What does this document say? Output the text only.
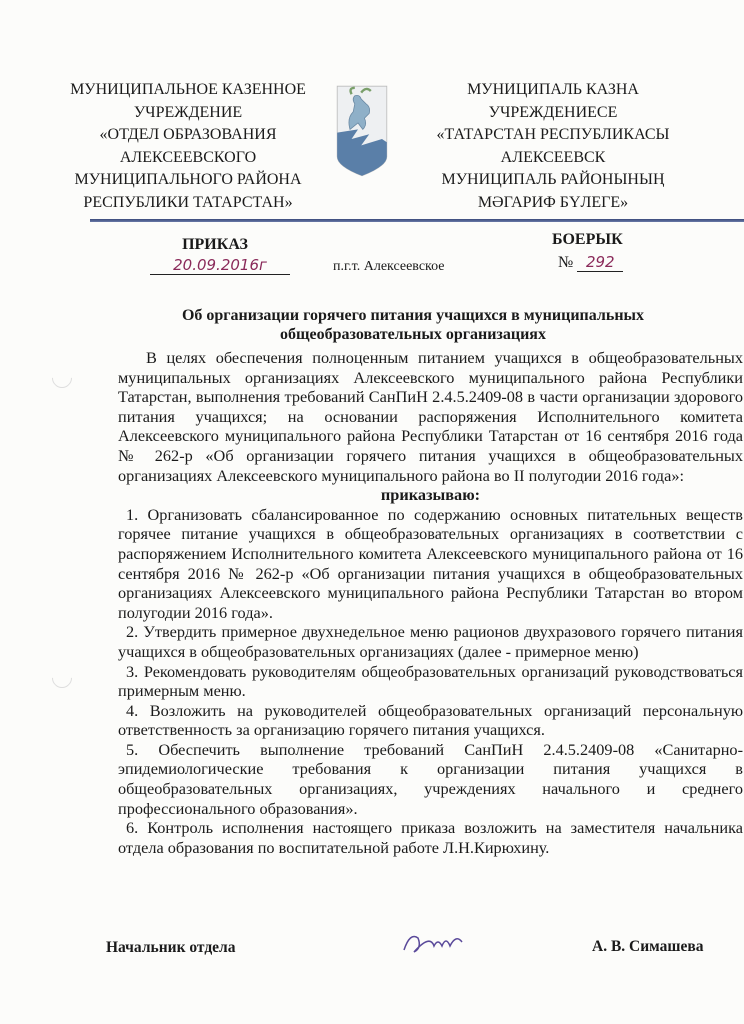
МУНИЦИПАЛЬНОЕ КАЗЕННОЕ
УЧРЕЖДЕНИЕ
«ОТДЕЛ ОБРАЗОВАНИЯ
АЛЕКСЕЕВСКОГО
МУНИЦИПАЛЬНОГО РАЙОНА
РЕСПУБЛИКИ ТАТАРСТАН»
МУНИЦИПАЛЬ КАЗНА
УЧРЕЖДЕНИЕСЕ
«ТАТАРСТАН РЕСПУБЛИКАСЫ
АЛЕКСЕЕВСК
МУНИЦИПАЛЬ РАЙОНЫНЫҢ
МӘГАРИФ БҮЛЕГЕ»
ПРИКАЗ
20.09.2016г	п.г.т. Алексеевское
БОЕРЫК
№ 292
Об организации горячего питания учащихся в муниципальных общеобразовательных организациях

В целях обеспечения полноценным питанием учащихся в общеобразовательных муниципальных организациях Алексеевского муниципального района Республики Татарстан, выполнения требований СанПиН 2.4.5.2409-08 в части организации здорового питания учащихся; на основании распоряжения Исполнительного комитета Алексеевского муниципального района Республики Татарстан от 16 сентября 2016 года № 262-р «Об организации горячего питания учащихся в общеобразовательных организациях Алексеевского муниципального района во II полугодии 2016 года»:

приказываю:

1. Организовать сбалансированное по содержанию основных питательных веществ горячее питание учащихся в общеобразовательных организациях в соответствии с распоряжением Исполнительного комитета Алексеевского муниципального района от 16 сентября 2016 № 262-р «Об организации питания учащихся в общеобразовательных организациях Алексеевского муниципального района Республики Татарстан во втором полугодии 2016 года».

2. Утвердить примерное двухнедельное меню рационов двухразового горячего питания учащихся в общеобразовательных организациях (далее - примерное меню)

3. Рекомендовать руководителям общеобразовательных организаций руководствоваться примерным меню.

4. Возложить на руководителей общеобразовательных организаций персональную ответственность за организацию горячего питания учащихся.

5. Обеспечить выполнение требований СанПиН 2.4.5.2409-08 «Санитарно-эпидемиологические требования к организации питания учащихся в общеобразовательных организациях, учреждениях начального и среднего профессионального образования».

6. Контроль исполнения настоящего приказа возложить на заместителя начальника отдела образования по воспитательной работе Л.Н.Кирюхину.

Начальник отдела	А. В. Симашева
